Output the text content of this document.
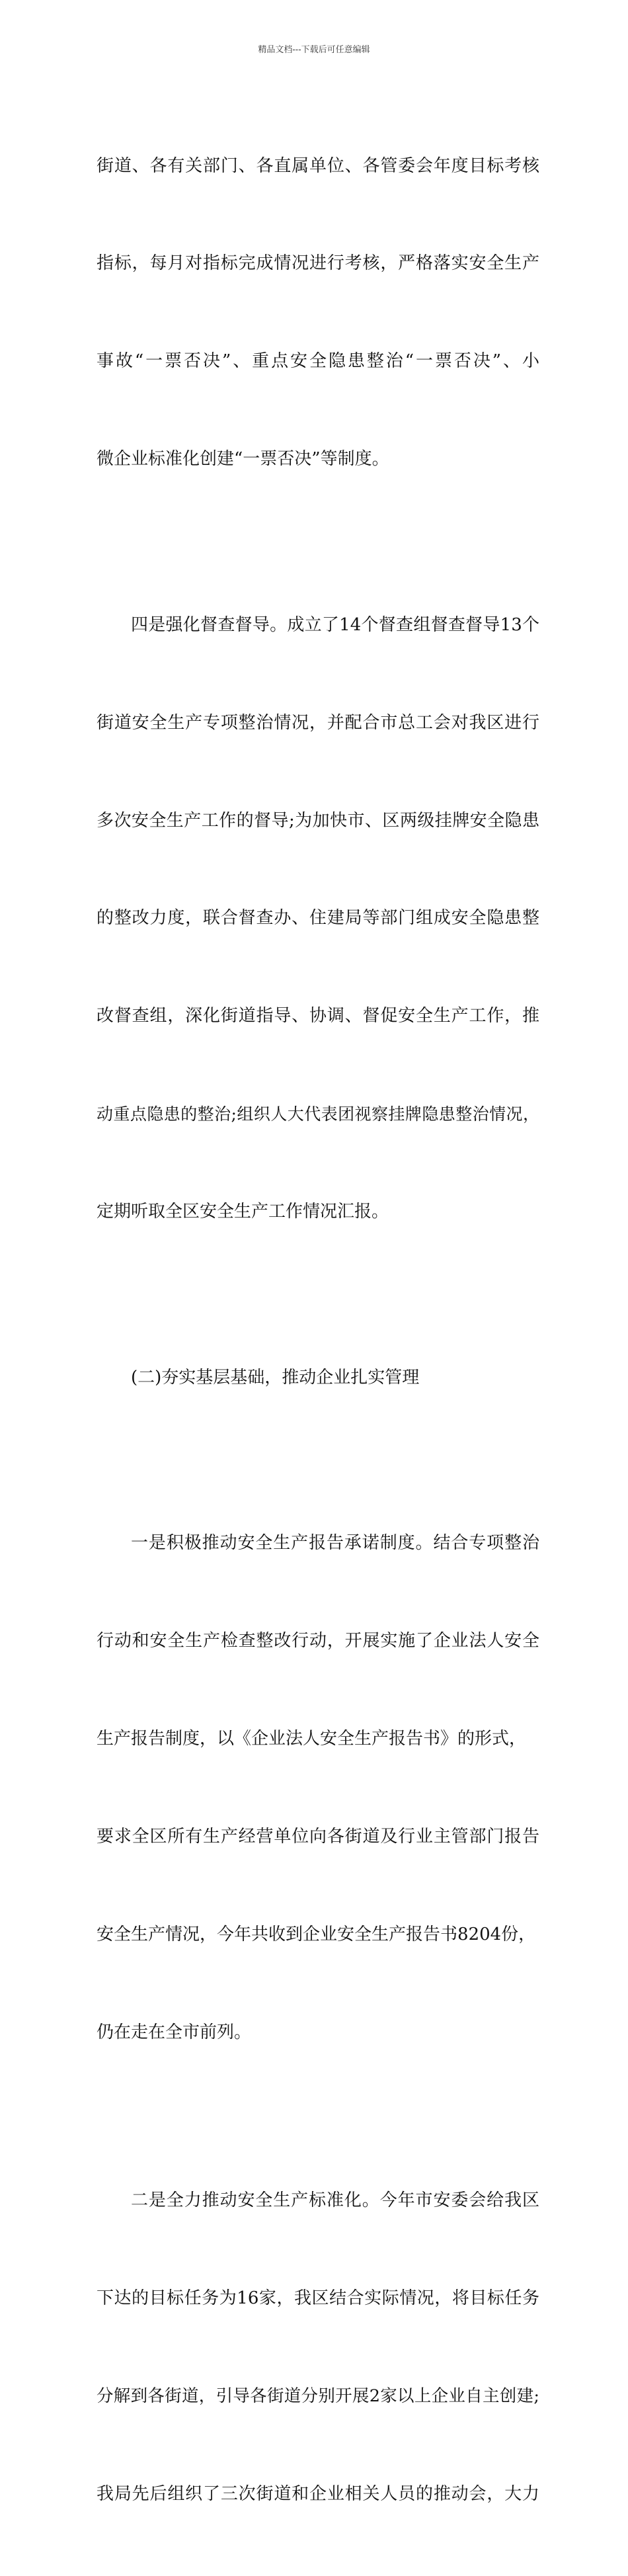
精品文档---下载后可任意编辑

街道、各有关部门、各直属单位、各管委会年度目标考核

指标，每月对指标完成情况进行考核，严格落实安全生产

事故“一票否决”、重点安全隐患整治“一票否决”、小

微企业标准化创建“一票否决”等制度。

四是强化督查督导。成立了14个督查组督查督导13个

街道安全生产专项整治情况，并配合市总工会对我区进行

多次安全生产工作的督导;为加快市、区两级挂牌安全隐患

的整改力度，联合督查办、住建局等部门组成安全隐患整

改督查组，深化街道指导、协调、督促安全生产工作，推

动重点隐患的整治;组织人大代表团视察挂牌隐患整治情况，

定期听取全区安全生产工作情况汇报。

(二)夯实基层基础，推动企业扎实管理

一是积极推动安全生产报告承诺制度。结合专项整治

行动和安全生产检查整改行动，开展实施了企业法人安全

生产报告制度，以《企业法人安全生产报告书》的形式，

要求全区所有生产经营单位向各街道及行业主管部门报告

安全生产情况，今年共收到企业安全生产报告书8204份，

仍在走在全市前列。

二是全力推动安全生产标准化。今年市安委会给我区

下达的目标任务为16家，我区结合实际情况，将目标任务

分解到各街道，引导各街道分别开展2家以上企业自主创建;

我局先后组织了三次街道和企业相关人员的推动会，大力
